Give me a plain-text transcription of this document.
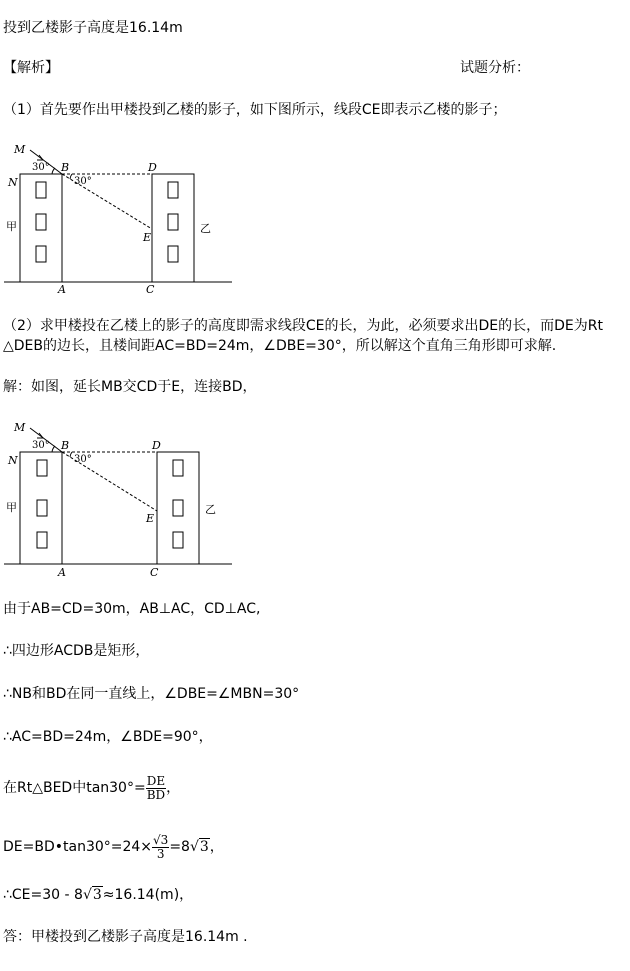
投到乙楼影子高度是16.14m
【解析】	试题分析：
（1）首先要作出甲楼投到乙楼的影子，如下图所示，线段CE即表示乙楼的影子；
M
N
B	D
E
A	C
30°
30°
甲	乙
（2）求甲楼投在乙楼上的影子的高度即需求线段CE的长，为此，必须要求出DE的长，而DE为Rt
△DEB的边长，且楼间距AC=BD=24m，∠DBE=30°，所以解这个直角三角形即可求解.
解：如图，延长MB交CD于E，连接BD，
M
N
B	D
E
A	C
30°
30°
甲	乙
由于AB=CD=30m，AB⊥AC，CD⊥AC,
∴四边形ACDB是矩形，
∴NB和BD在同一直线上，∠DBE=∠MBN=30°
∴AC=BD=24m，∠BDE=90°，
在Rt△BED中$\tan 30^\circ= \frac{DE}{BD}$ ，
DE=BD•tan30°=24× $\frac{√3}{3} =8√3$，
∴CE=30 - 8√3≈16.14(m)，
答：甲楼投到乙楼影子高度是16.14m .
